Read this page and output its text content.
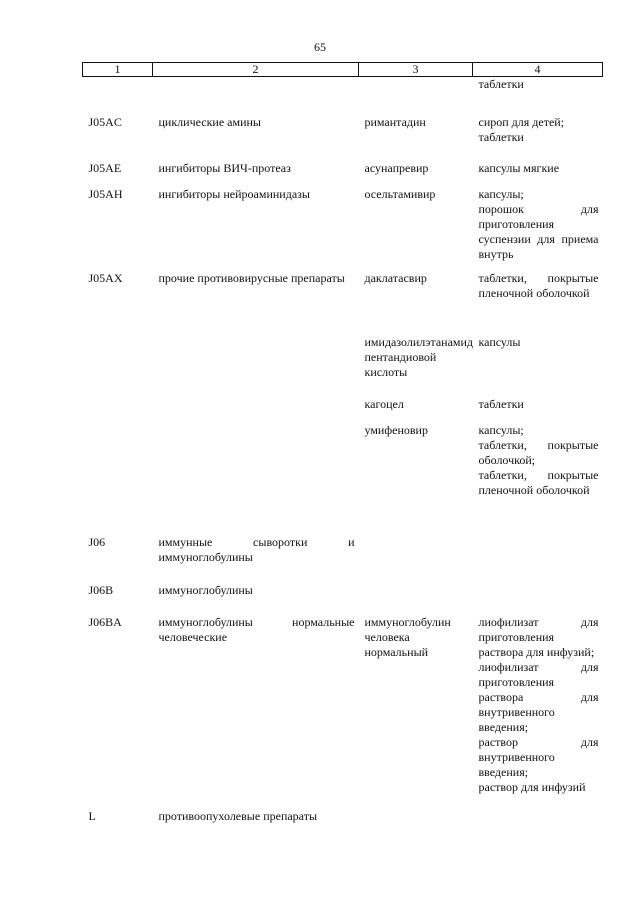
65
1	2	3	4

			таблетки

J05AC	циклические амины	римантадин	сироп для детей;
таблетки

J05AE	ингибиторы ВИЧ-протеаз	асунапревир	капсулы мягкие

J05AH	ингибиторы нейроаминидазы	осельтамивир	капсулы;
порошок для приготовления суспензии для приема внутрь

J05AX	прочие противовирусные препараты	даклатасвир	таблетки, покрытые пленочной оболочкой

		имидазолилэтанамид пентандиовой кислоты	капсулы

		кагоцел	таблетки

		умифеновир	капсулы;
таблетки, покрытые оболочкой;
таблетки, покрытые пленочной оболочкой

J06	иммунные сыворотки и иммуноглобулины		
J06B	иммуноглобулины		
J06BA	иммуноглобулины нормальные человеческие	иммуноглобулин человека нормальный	лиофилизат для приготовления раствора для инфузий;
лиофилизат для приготовления раствора для внутривенного введения;
раствор для внутривенного введения;
раствор для инфузий

L	противоопухолевые препараты		
